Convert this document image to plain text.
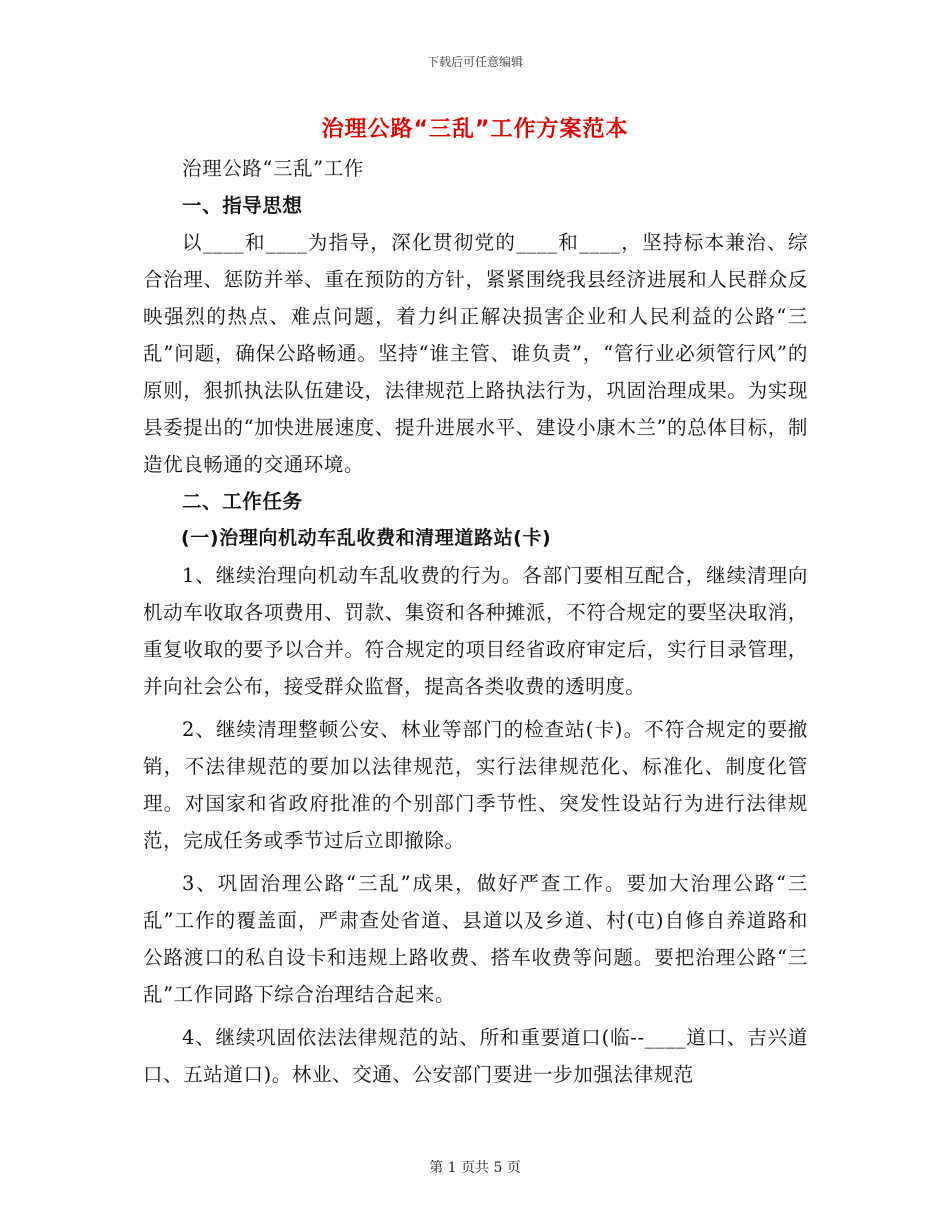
下载后可任意编辑
治理公路“三乱”工作方案范本

治理公路“三乱”工作

一、指导思想

以____和____为指导，深化贯彻党的____和____，坚持标本兼治、综合治理、惩防并举、重在预防的方针，紧紧围绕我县经济进展和人民群众反映强烈的热点、难点问题，着力纠正解决损害企业和人民利益的公路“三乱”问题，确保公路畅通。坚持“谁主管、谁负责”，“管行业必须管行风”的原则，狠抓执法队伍建设，法律规范上路执法行为，巩固治理成果。为实现县委提出的“加快进展速度、提升进展水平、建设小康木兰”的总体目标，制造优良畅通的交通环境。

二、工作任务
(一)治理向机动车乱收费和清理道路站(卡)

1、继续治理向机动车乱收费的行为。各部门要相互配合，继续清理向机动车收取各项费用、罚款、集资和各种摊派，不符合规定的要坚决取消，重复收取的要予以合并。符合规定的项目经省政府审定后，实行目录管理，并向社会公布，接受群众监督，提高各类收费的透明度。

2、继续清理整顿公安、林业等部门的检查站(卡)。不符合规定的要撤销，不法律规范的要加以法律规范，实行法律规范化、标准化、制度化管理。对国家和省政府批准的个别部门季节性、突发性设站行为进行法律规范，完成任务或季节过后立即撤除。

3、巩固治理公路“三乱”成果，做好严查工作。要加大治理公路“三乱”工作的覆盖面，严肃查处省道、县道以及乡道、村(屯)自修自养道路和公路渡口的私自设卡和违规上路收费、搭车收费等问题。要把治理公路“三乱”工作同路下综合治理结合起来。

4、继续巩固依法法律规范的站、所和重要道口(临--____道口、吉兴道口、五站道口)。林业、交通、公安部门要进一步加强法律规范

第 1 页共 5 页
